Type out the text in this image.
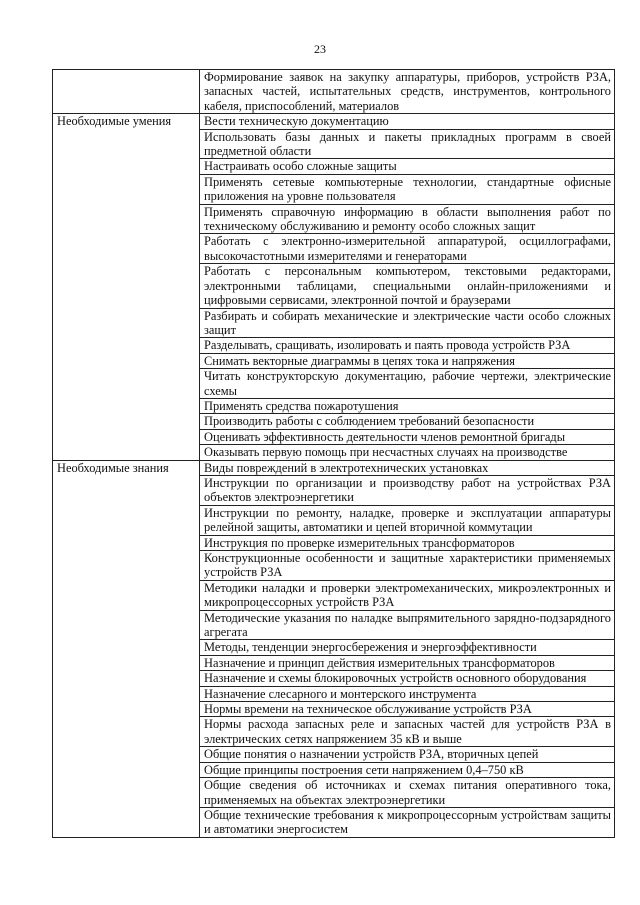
23
	Формирование заявок на закупку аппаратуры, приборов, устройств РЗА, запасных частей, испытательных средств, инструментов, контрольного кабеля, приспособлений, материалов
Необходимые умения	Вести техническую документацию
	Использовать базы данных и пакеты прикладных программ в своей предметной области
	Настраивать особо сложные защиты
	Применять сетевые компьютерные технологии, стандартные офисные приложения на уровне пользователя
	Применять справочную информацию в области выполнения работ по техническому обслуживанию и ремонту особо сложных защит
	Работать с электронно-измерительной аппаратурой, осциллографами, высокочастотными измерителями и генераторами
	Работать с персональным компьютером, текстовыми редакторами, электронными таблицами, специальными онлайн-приложениями и цифровыми сервисами, электронной почтой и браузерами
	Разбирать и собирать механические и электрические части особо сложных защит
	Разделывать, сращивать, изолировать и паять провода устройств РЗА
	Снимать векторные диаграммы в цепях тока и напряжения
	Читать конструкторскую документацию, рабочие чертежи, электрические схемы
	Применять средства пожаротушения
	Производить работы с соблюдением требований безопасности
	Оценивать эффективность деятельности членов ремонтной бригады
	Оказывать первую помощь при несчастных случаях на производстве
Необходимые знания	Виды повреждений в электротехнических установках
	Инструкции по организации и производству работ на устройствах РЗА объектов электроэнергетики
	Инструкции по ремонту, наладке, проверке и эксплуатации аппаратуры релейной защиты, автоматики и цепей вторичной коммутации
	Инструкция по проверке измерительных трансформаторов
	Конструкционные особенности и защитные характеристики применяемых устройств РЗА
	Методики наладки и проверки электромеханических, микроэлектронных и микропроцессорных устройств РЗА
	Методические указания по наладке выпрямительного зарядно-подзарядного агрегата
	Методы, тенденции энергосбережения и энергоэффективности
	Назначение и принцип действия измерительных трансформаторов
	Назначение и схемы блокировочных устройств основного оборудования
	Назначение слесарного и монтерского инструмента
	Нормы времени на техническое обслуживание устройств РЗА
	Нормы расхода запасных реле и запасных частей для устройств РЗА в электрических сетях напряжением 35 кВ и выше
	Общие понятия о назначении устройств РЗА, вторичных цепей
	Общие принципы построения сети напряжением 0,4–750 кВ
	Общие сведения об источниках и схемах питания оперативного тока, применяемых на объектах электроэнергетики
	Общие технические требования к микропроцессорным устройствам защиты и автоматики энергосистем
